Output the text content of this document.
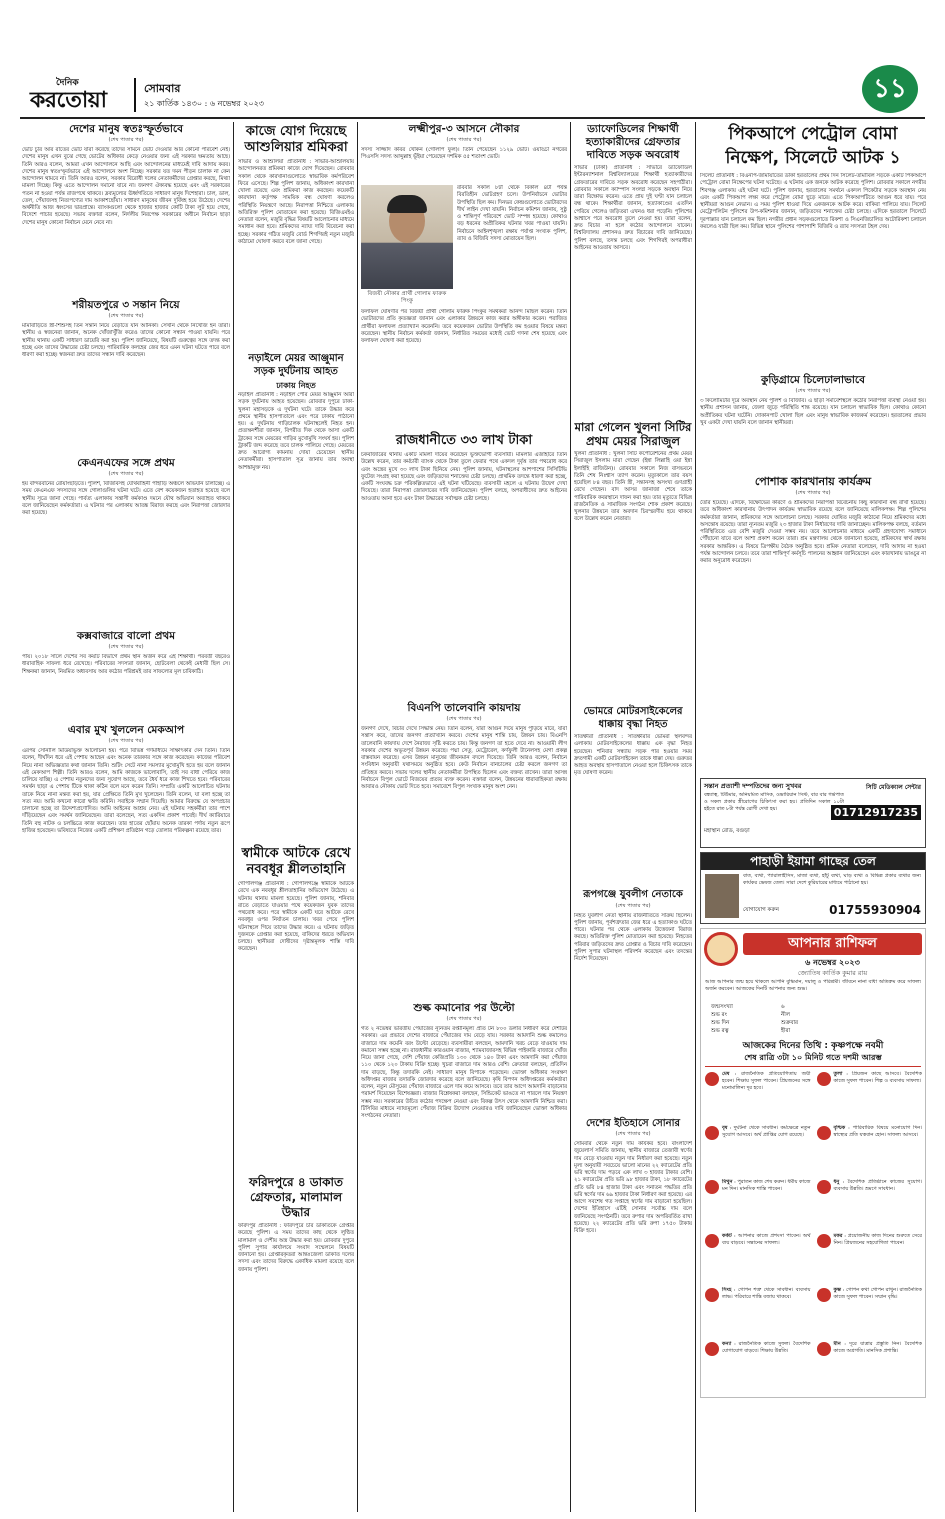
দৈনিক
করতোয়া	সোমবার
২১ কার্তিক ১৪৩০ : ৬ নভেম্বর ২০২৩	১১
দেশের মানুষ স্বতঃস্ফূর্তভাবে
(শেষ পাতার পর)
ভোট চুরি আর রাতের ভোট যারা করেছে তাদের সামনে ভোট দেওয়ার আর কোনো পরিবেশ নেই। দেশের মানুষ এখন বুঝে গেছে ভোটের অধিকার কেড়ে নেওয়ার জন্য এই সরকার ক্ষমতায় আছে। তিনি আরও বলেন, আমরা এখন আন্দোলনে আছি এবং আন্দোলনের মাধ্যমেই দাবি আদায় করব। দেশের মানুষ স্বতঃস্ফূর্তভাবে এই আন্দোলনে অংশ নিচ্ছে। সরকার যত দমন পীড়ন চালাক না কেন আন্দোলন থামবে না। তিনি আরও বলেন, সরকার বিরোধী দলের নেতাকর্মীদের গ্রেপ্তার করছে, মিথ্যা মামলা দিচ্ছে। কিন্তু এতে আন্দোলন দমানো যাবে না। জনগণ ঐক্যবদ্ধ হয়েছে এবং এই সরকারের পতন না হওয়া পর্যন্ত রাজপথে থাকবে। দ্রব্যমূল্যের ঊর্ধ্বগতিতে সাধারণ মানুষ দিশেহারা। চাল, ডাল, তেল, পেঁয়াজসহ নিত্যপণ্যের দাম আকাশছোঁয়া। সাধারণ মানুষের জীবন দুর্বিষহ হয়ে উঠেছে। দেশের অর্থনীতি আজ ধ্বংসের দ্বারপ্রান্তে। ব্যাংকগুলো থেকে হাজার হাজার কোটি টাকা লুট হয়ে গেছে, বিদেশে পাচার হয়েছে। সভায় বক্তারা বলেন, নির্দলীয় নিরপেক্ষ সরকারের অধীনে নির্বাচন ছাড়া দেশের মানুষ কোনো নির্বাচন মেনে নেবে না।
শরীয়তপুরে ৩ সন্তান নিয়ে
(শেষ পাতার পর)
মামাবাড়িতে স্ত্রী-শিশুসহ তিন সন্তান নিয়ে বেড়াতে যান আনিকা। সেখান থেকে নিখোঁজ হন তারা। স্থানীয় ও স্বজনেরা জানান, অনেক খোঁজাখুঁজি করেও তাদের কোনো সন্ধান পাওয়া যায়নি। পরে স্থানীয় থানায় একটি সাধারণ ডায়েরি করা হয়। পুলিশ জানিয়েছে, বিষয়টি গুরুত্বের সঙ্গে তদন্ত করা হচ্ছে এবং তাদের উদ্ধারের চেষ্টা চলছে। পারিবারিক কলহের জের ধরে এমন ঘটনা ঘটতে পারে বলে ধারণা করা হচ্ছে। স্বজনরা দ্রুত তাদের সন্ধান দাবি করেছেন।
কেএনএফের সঙ্গে প্রথম
(শেষ পাতার পর)
হয় বান্দরবানের রোয়াংছড়িতে। পুলিশ, বিজিবিসহ যৌথবাহিনী পাহাড়ি অঞ্চলে অভিযান চালাচ্ছে। এ সময় কেএনএফ সদস্যদের সঙ্গে গোলাগুলির ঘটনা ঘটে। এতে বেশ কয়েকজন হতাহত হয়েছে বলে স্থানীয় সূত্রে জানা গেছে। পার্বত্য এলাকায় সন্ত্রাসী কর্মকাণ্ড দমনে যৌথ অভিযান অব্যাহত থাকবে বলে জানিয়েছেন কর্মকর্তারা। এ ঘটনার পর এলাকায় আতঙ্ক বিরাজ করছে এবং নিরাপত্তা জোরদার করা হয়েছে।
কক্সবাজারে বালো প্রথম
(শেষ পাতার পর)
পায়। ২০১৮ সালে দেশের সব কয়টি বিভাগে প্রথম স্থান অর্জন করে এই শিক্ষার্থী। পরবর্তী বছরেও ধারাবাহিক সাফল্য ধরে রেখেছে। পরিবারের সদস্যরা জানান, ছোটবেলা থেকেই মেধাবী ছিল সে। শিক্ষকরা জানান, নিয়মিত অধ্যবসায় আর কঠোর পরিশ্রমই তার সাফল্যের মূল চাবিকাঠি।
এবার মুখ খুললেন মেকআপ
(শেষ পাতার পর)
এরপর সোনালি মিডিয়াভুক্ত আলোচনা হয়। পরে বিভিন্ন গণমাধ্যমে সাক্ষাৎকার দেন তিনি। তিনি বলেন, দীর্ঘদিন ধরে এই পেশায় আছেন এবং অনেক তারকার সঙ্গে কাজ করেছেন। কাজের পরিবেশ নিয়ে নানা অভিজ্ঞতার কথা জানান তিনি। শুটিং সেটে নানা সমস্যার মুখোমুখি হতে হয় বলে জানান এই মেকআপ শিল্পী। তিনি আরও বলেন, আমি কাজকে ভালোবাসি, তাই সব বাধা পেরিয়ে কাজ চালিয়ে যাচ্ছি। এ পেশায় নতুনদের জন্য সুযোগ আছে, তবে ধৈর্য ধরে কাজ শিখতে হবে। পরিবারের সমর্থন ছাড়া এ পেশায় টিকে থাকা কঠিন বলে মনে করেন তিনি। সম্প্রতি একটি আলোচিত ঘটনায় তাকে নিয়ে নানা মন্তব্য করা হয়, যার প্রেক্ষিতে তিনি মুখ খুলেছেন। তিনি বলেন, যা বলা হচ্ছে তা সত্য নয়। আমি কখনো কারো ক্ষতি করিনি। সবাইকে সম্মান দিয়েছি। আমার বিরুদ্ধে যে অপপ্রচার চালানো হচ্ছে তা উদ্দেশ্যপ্রণোদিত। আমি আইনের আশ্রয় নেব। এই ঘটনায় সহকর্মীরা তার পাশে দাঁড়িয়েছেন এবং সমর্থন জানিয়েছেন। তারা বলেছেন, সত্য একদিন প্রকাশ পাবেই। দীর্ঘ ক্যারিয়ারে তিনি বহু নাটক ও চলচ্চিত্রে কাজ করেছেন। তার হাতের ছোঁয়ায় অনেক তারকা পর্দায় নতুন রূপে হাজির হয়েছেন। ভবিষ্যতে নিজের একটি প্রশিক্ষণ প্রতিষ্ঠান গড়ে তোলার পরিকল্পনা রয়েছে তার।
কাজে যোগ দিয়েছে আশুলিয়ার শ্রমিকরা
সাভার ও আশুলিয়া প্রতিনিধি : সাভার-আশুলিয়ায় আন্দোলনরত শ্রমিকরা কাজে যোগ দিয়েছেন। রোববার সকাল থেকে কারখানাগুলোতে স্বাভাবিক কর্মপরিবেশ ফিরে এসেছে। শিল্প পুলিশ জানায়, অধিকাংশ কারখানা খোলা রয়েছে এবং শ্রমিকরা কাজ করছেন। কয়েকটি কারখানা কর্তৃপক্ষ সাময়িক বন্ধ ঘোষণা করলেও পরিস্থিতি নিয়ন্ত্রণে আছে। নিরাপত্তা নিশ্চিতে এলাকায় অতিরিক্ত পুলিশ মোতায়েন করা হয়েছে। বিজিএমইএ নেতারা বলেন, মজুরি বৃদ্ধির বিষয়টি আলোচনার মাধ্যমে সমাধান করা হবে। শ্রমিকদের ন্যায্য দাবি বিবেচনা করা হচ্ছে। সরকার গঠিত মজুরি বোর্ড শিগগিরই নতুন মজুরি কাঠামো ঘোষণা করবে বলে জানা গেছে।
নড়াইলে মেয়র আঞ্জুমান সড়ক দুর্ঘটনায় আহত
ঢাকায় নিহত
নড়াইল প্রতিনিধি : নড়াইল পৌর মেয়র আঞ্জুমান আরা সড়ক দুর্ঘটনায় আহত হয়েছেন। রোববার দুপুরে ঢাকা-খুলনা মহাসড়কে এ দুর্ঘটনা ঘটে। তাকে উদ্ধার করে প্রথমে স্থানীয় হাসপাতালে এবং পরে ঢাকায় পাঠানো হয়। এ দুর্ঘটনায় গাড়িচালক ঘটনাস্থলেই নিহত হন। প্রত্যক্ষদর্শীরা জানান, বিপরীত দিক থেকে আসা একটি ট্রাকের সঙ্গে মেয়রের গাড়ির মুখোমুখি সংঘর্ষ হয়। পুলিশ ট্রাকটি জব্দ করেছে তবে চালক পালিয়ে গেছে। মেয়রের দ্রুত আরোগ্য কামনায় দোয়া চেয়েছেন স্থানীয় নেতাকর্মীরা। হাসপাতাল সূত্র জানায় তার অবস্থা আশঙ্কামুক্ত নয়।
স্বামীকে আটকে রেখে নববধূর শ্লীলতাহানি
গোপালগঞ্জ প্রতিনিধি : গোপালগঞ্জে স্বামীকে আটকে রেখে এক নববধূর শ্লীলতাহানির অভিযোগ উঠেছে। এ ঘটনায় থানায় মামলা হয়েছে। পুলিশ জানায়, শনিবার রাতে বেড়াতে যাওয়ার পথে কয়েকজন যুবক তাদের পথরোধ করে। পরে স্বামীকে একটি ঘরে আটকে রেখে নববধূর ওপর নির্যাতন চালায়। খবর পেয়ে পুলিশ ঘটনাস্থলে গিয়ে তাদের উদ্ধার করে। এ ঘটনায় জড়িত দুজনকে গ্রেপ্তার করা হয়েছে, বাকিদের ধরতে অভিযান চলছে। স্থানীয়রা দোষীদের দৃষ্টান্তমূলক শাস্তি দাবি করেছেন।
ফরিদপুরে ৪ ডাকাত গ্রেফতার, মালামাল উদ্ধার
ফরিদপুর প্রতিনিধি : ফরিদপুরে চার ডাকাতকে গ্রেপ্তার করেছে পুলিশ। এ সময় তাদের কাছ থেকে লুণ্ঠিত মালামাল ও দেশীয় অস্ত্র উদ্ধার করা হয়। রোববার দুপুরে পুলিশ সুপার কার্যালয়ে সংবাদ সম্মেলনে বিষয়টি জানানো হয়। গ্রেপ্তারকৃতরা আন্তঃজেলা ডাকাত দলের সদস্য এবং তাদের বিরুদ্ধে একাধিক মামলা রয়েছে বলে জানায় পুলিশ।
লক্ষ্মীপুর-৩ আসনে নৌকার
(শেষ পাতার পর)
সদস্য সাজ্জাদ কবির খোকন (গোলাপ ফুল)। তিনি পেয়েছেন ১১২৯ ভোট। ওয়াড্ডা নগরের পিএসসি সদস্য আব্দুল্লাহ ভূঁইয়া পেয়েছেন দশমিক ৫৫ শতাংশ ভোট।
বিজয়ী নৌকার প্রার্থী গোলাম ফারুক পিংকু
রবিবার সকাল ৮টা থেকে বিকাল ৪টা পর্যন্ত বিরতিহীন ভোটগ্রহণ চলে। উপনির্বাচনে ভোটার উপস্থিতি ছিল কম। দিনভর কেন্দ্রগুলোতে ভোটারদের দীর্ঘ লাইন দেখা যায়নি। নির্বাচন কমিশন জানায়, সুষ্ঠু ও শান্তিপূর্ণ পরিবেশে ভোট সম্পন্ন হয়েছে। কোথাও বড় ধরনের অপ্রীতিকর ঘটনার খবর পাওয়া যায়নি। নির্বাচনে আইনশৃঙ্খলা রক্ষায় পর্যাপ্ত সংখ্যক পুলিশ, র‍্যাব ও বিজিবি সদস্য মোতায়েন ছিল।
ফলাফল ঘোষণার পর বিজয়ী প্রার্থী গোলাম ফারুক পিংকুর সমর্থকরা আনন্দ মিছিল করেন। তিনি ভোটারদের প্রতি কৃতজ্ঞতা জানান এবং এলাকার উন্নয়নে কাজ করার অঙ্গীকার করেন। পরাজিত প্রার্থীরা ফলাফল প্রত্যাখ্যান করেননি। তবে কয়েকজন ভোটার উপস্থিতি কম হওয়ার বিষয়ে মন্তব্য করেছেন। স্থানীয় নির্বাচন কর্মকর্তা জানান, নির্ধারিত সময়ের মধ্যেই ভোট গণনা শেষ হয়েছে এবং ফলাফল ঘোষণা করা হয়েছে।
রাজধানীতে ৩৩ লাখ টাকা
চকবাজারের থানায় একটি মামলা দায়ের করেছেন ভুক্তভোগী ব্যবসায়ী। মামলার এজাহারে তিনি উল্লেখ করেন, তার কর্মচারী ব্যাংক থেকে টাকা তুলে ফেরার পথে একদল দুর্বৃত্ত তার পথরোধ করে এবং অস্ত্রের মুখে ৩৩ লাখ টাকা ছিনিয়ে নেয়। পুলিশ জানায়, ঘটনাস্থলের আশপাশের সিসিটিভি ফুটেজ সংগ্রহ করা হয়েছে এবং জড়িতদের শনাক্তের চেষ্টা চলছে। প্রাথমিক তদন্তে ধারণা করা হচ্ছে, একটি সংঘবদ্ধ চক্র পরিকল্পিতভাবে এই ঘটনা ঘটিয়েছে। ব্যবসায়ী মহলে এ ঘটনায় উদ্বেগ দেখা দিয়েছে। তারা নিরাপত্তা জোরদারের দাবি জানিয়েছেন। পুলিশ বলছে, অপরাধীদের দ্রুত আইনের আওতায় আনা হবে এবং টাকা উদ্ধারের সর্বাত্মক চেষ্টা চলছে।
বিএনপি তালেবানি কায়দায়
(শেষ পাতার পর)
জনগণ দেখে, বিচার দেখে সিদ্ধান্ত নেয়। তিনি বলেন, যারা আগুন দিয়ে মানুষ পুড়িয়ে মারে, যারা সন্ত্রাস করে, তাদের জনগণ প্রত্যাখ্যান করবে। দেশের মানুষ শান্তি চায়, উন্নয়ন চায়। বিএনপি তালেবানি কায়দায় দেশে নৈরাজ্য সৃষ্টি করতে চায়। কিন্তু জনগণ তা হতে দেবে না। আওয়ামী লীগ সরকার দেশের অভূতপূর্ব উন্নয়ন করেছে। পদ্মা সেতু, মেট্রোরেল, কর্ণফুলী টানেলসহ মেগা প্রকল্প বাস্তবায়ন করেছে। এসব উন্নয়ন মানুষের জীবনমান বদলে দিয়েছে। তিনি আরও বলেন, নির্বাচন সংবিধান অনুযায়ী যথাসময়ে অনুষ্ঠিত হবে। কেউ নির্বাচন বানচালের চেষ্টা করলে জনগণ তা প্রতিহত করবে। সভায় দলের স্থানীয় নেতাকর্মীরা উপস্থিত ছিলেন এবং বক্তব্য রাখেন। তারা আসন্ন নির্বাচনে বিপুল ভোটে বিজয়ের প্রত্যয় ব্যক্ত করেন। বক্তারা বলেন, উন্নয়নের ধারাবাহিকতা রক্ষায় আবারও নৌকায় ভোট দিতে হবে। সমাবেশে বিপুল সংখ্যক মানুষ অংশ নেন।
শুল্ক কমানোর পর উল্টো
(শেষ পাতার পর)
গত ২ নভেম্বর ভারতীয় পেঁয়াজের ন্যূনতম রপ্তানিমূল্য প্রতি টন ৮০০ ডলার নির্ধারণ করে দেশটির সরকার। এর প্রভাবে দেশের বাজারে পেঁয়াজের দাম বেড়ে যায়। সরকার আমদানি শুল্ক কমালেও বাজারে দাম কমেনি বরং উল্টো বেড়েছে। ব্যবসায়ীরা বলছেন, আমদানি খরচ বেড়ে যাওয়ায় দাম কমানো সম্ভব হচ্ছে না। রাজধানীর কারওয়ান বাজার, শ্যামবাজারসহ বিভিন্ন পাইকারি বাজারে খোঁজ নিয়ে জানা গেছে, দেশি পেঁয়াজ কেজিপ্রতি ১৩০ থেকে ১৪০ টাকা এবং আমদানি করা পেঁয়াজ ১১০ থেকে ১২০ টাকায় বিক্রি হচ্ছে। খুচরা বাজারে দাম আরও বেশি। ক্রেতারা বলছেন, প্রতিদিন দাম বাড়ছে, কিন্তু তদারকি নেই। সাধারণ মানুষ বিপাকে পড়েছেন। ভোক্তা অধিকার সংরক্ষণ অধিদপ্তর বাজার তদারকি জোরদার করেছে বলে জানিয়েছে। কৃষি বিপণন অধিদপ্তরের কর্মকর্তারা বলেন, নতুন মৌসুমের পেঁয়াজ বাজারে এলে দাম কমে আসবে। তবে তার আগে আমদানি বাড়ানোর পরামর্শ দিয়েছেন বিশেষজ্ঞরা। বাজার বিশ্লেষকরা বলছেন, সিন্ডিকেট ভাঙতে না পারলে দাম নিয়ন্ত্রণ সম্ভব নয়। সরকারের উচিত কঠোর পদক্ষেপ নেওয়া এবং বিকল্প উৎস থেকে আমদানি নিশ্চিত করা। টিসিবির মাধ্যমে ন্যায্যমূল্যে পেঁয়াজ বিক্রির উদ্যোগ নেওয়ারও দাবি জানিয়েছেন ভোক্তা অধিকার সংগঠনের নেতারা।
ড্যাফোডিলের শিক্ষার্থী হত্যাকারীদের গ্রেফতার দাবিতে সড়ক অবরোধ
সাভার (ঢাকা) প্রতিনিধি : সাভারে ড্যাফোডিল ইন্টারন্যাশনাল বিশ্ববিদ্যালয়ের শিক্ষার্থী হত্যাকারীদের গ্রেফতারের দাবিতে সড়ক অবরোধ করেছেন সহপাঠীরা। রোববার সকালে ক্যাম্পাস সংলগ্ন সড়কে অবস্থান নিয়ে তারা বিক্ষোভ করেন। এতে প্রায় দুই ঘণ্টা যান চলাচল বন্ধ থাকে। শিক্ষার্থীরা জানান, হত্যাকাণ্ডের এতদিন পেরিয়ে গেলেও জড়িতরা এখনও ধরা পড়েনি। পুলিশের আশ্বাসে পরে অবরোধ তুলে নেওয়া হয়। তারা বলেন, দ্রুত বিচার না হলে কঠোর আন্দোলনে যাবেন। বিশ্ববিদ্যালয় প্রশাসনও দ্রুত বিচারের দাবি জানিয়েছে। পুলিশ বলছে, তদন্ত চলছে এবং শিগগিরই অপরাধীরা আইনের আওতায় আসবে।
মারা গেলেন খুলনা সিটির প্রথম মেয়র সিরাজুল
খুলনা প্রতিনিধি : খুলনা সিটি কর্পোরেশনের প্রথম মেয়র সিরাজুল ইসলাম মারা গেছেন (ইন্না লিল্লাহি ওয়া ইন্না ইলাইহি রাজিউন)। রোববার সকালে নিজ বাসভবনে তিনি শেষ নিঃশ্বাস ত্যাগ করেন। মৃত্যুকালে তার বয়স হয়েছিল ৮৪ বছর। তিনি স্ত্রী, সন্তানসহ অসংখ্য গুণগ্রাহী রেখে গেছেন। বাদ আসর জানাজা শেষে তাকে পারিবারিক কবরস্থানে দাফন করা হয়। তার মৃত্যুতে বিভিন্ন রাজনৈতিক ও সামাজিক সংগঠন শোক প্রকাশ করেছে। খুলনার উন্নয়নে তার অবদান চিরস্মরণীয় হয়ে থাকবে বলে উল্লেখ করেন নেতারা।
ভোমরে মোটরসাইকেলের ধাক্কায় বৃদ্ধা নিহত
সাতক্ষীরা প্রতিনিধি : সাতক্ষীরার ভোমরা স্থলবন্দর এলাকায় মোটরসাইকেলের ধাক্কায় এক বৃদ্ধা নিহত হয়েছেন। শনিবার সন্ধ্যায় সড়ক পার হওয়ার সময় দ্রুতগামী একটি মোটরসাইকেল তাকে ধাক্কা দেয়। গুরুতর আহত অবস্থায় হাসপাতালে নেওয়া হলে চিকিৎসক তাকে মৃত ঘোষণা করেন।
রূপগঞ্জে যুবলীগ নেতাকে
(শেষ পাতার পর)
নিহত যুবলীগ নেতা স্থানীয় রাজনীতিতে সক্রিয় ছিলেন। পুলিশ জানায়, পূর্বশত্রুতার জের ধরে এ হত্যাকাণ্ড ঘটতে পারে। ঘটনার পর থেকে এলাকায় উত্তেজনা বিরাজ করছে। অতিরিক্ত পুলিশ মোতায়েন করা হয়েছে। নিহতের পরিবার জড়িতদের দ্রুত গ্রেপ্তার ও বিচার দাবি করেছেন। পুলিশ সুপার ঘটনাস্থল পরিদর্শন করেছেন এবং তদন্তের নির্দেশ দিয়েছেন।
দেশের ইতিহাসে সোনার
(শেষ পাতার পর)
সোমবার থেকে নতুন দাম কার্যকর হবে। বাংলাদেশ জুয়েলার্স সমিতি জানায়, স্থানীয় বাজারে তেজাবী স্বর্ণের দাম বেড়ে যাওয়ায় নতুন দাম নির্ধারণ করা হয়েছে। নতুন মূল্য অনুযায়ী সবচেয়ে ভালো মানের ২২ ক্যারেটের প্রতি ভরি স্বর্ণের দাম পড়বে এক লাখ ৩ হাজার টাকার বেশি। ২১ ক্যারেটের প্রতি ভরি ৯৮ হাজার টাকা, ১৮ ক্যারেটের প্রতি ভরি ৮৪ হাজার টাকা এবং সনাতন পদ্ধতির প্রতি ভরি স্বর্ণের দাম ৬৯ হাজার টাকা নির্ধারণ করা হয়েছে। এর আগে সবশেষ গত সপ্তাহে স্বর্ণের দাম বাড়ানো হয়েছিল। দেশের ইতিহাসে এটিই সোনার সর্বোচ্চ দাম বলে জানিয়েছে সংগঠনটি। তবে রুপার দাম অপরিবর্তিত রাখা হয়েছে। ২২ ক্যারেটের প্রতি ভরি রুপা ১৭৫০ টাকায় বিক্রি হবে।
পিকআপে পেট্রোল বোমা নিক্ষেপ, সিলেটে আটক ১
সিলেট প্রতিনিধি : বিএনপি-জামায়াতের ডাকা হরতালের প্রথম দিন সিলেট-তামাবিল সড়কে একটি পিকআপে পেট্রোল বোমা নিক্ষেপের ঘটনা ঘটেছে। এ ঘটনায় এক জনকে আটক করেছে পুলিশ। রোববার সকালে নগরীর শিবগঞ্জ এলাকায় এই ঘটনা ঘটে। পুলিশ জানায়, হরতালের সমর্থনে একদল পিকেটার সড়কে অবস্থান নেয় এবং একটি পিকআপ লক্ষ্য করে পেট্রোল বোমা ছুড়ে মারে। এতে পিকআপটিতে আগুন ধরে যায়। পরে স্থানীয়রা আগুন নেভান। এ সময় পুলিশ ধাওয়া দিয়ে একজনকে আটক করে। বাকিরা পালিয়ে যায়। সিলেট মেট্রোপলিটন পুলিশের উপ-কমিশনার জানান, জড়িতদের শনাক্তের চেষ্টা চলছে। এদিকে হরতালে সিলেটে দূরপাল্লার যান চলাচল কম ছিল। নগরীর প্রধান সড়কগুলোতে রিকশা ও সিএনজিচালিত অটোরিকশা চলাচল করলেও যাত্রী ছিল কম। বিভিন্ন স্থানে পুলিশের পাশাপাশি বিজিবি ও র‍্যাব সদস্যরা টহল দেয়।
কুড়িগ্রামে চিলেঢালাভাবে
(শেষ পাতার পর)
৩ কিলোমিটার দূরে অবস্থান নেয় পুলিশ ও বিজিবি। এ ছাড়া সমাবেশস্থলে কঠোর নিরাপত্তা ব্যবস্থা নেওয়া হয়। স্থানীয় প্রশাসন জানায়, জেলা জুড়ে পরিস্থিতি শান্ত রয়েছে। যান চলাচল স্বাভাবিক ছিল। কোথাও কোনো অপ্রীতিকর ঘটনা ঘটেনি। দোকানপাট খোলা ছিল এবং মানুষ স্বাভাবিক কাজকর্ম করেছেন। হরতালের প্রভাব খুব একটা দেখা যায়নি বলে জানান স্থানীয়রা।
পোশাক কারখানায় কার্যক্রম
(শেষ পাতার পর)
তৈরি হয়েছে। এদিকে, বিক্ষোভের কারণে ও শ্রমিকদের নিরাপত্তা বিবেচনায় কিছু কারখানা বন্ধ রাখা হয়েছে। তবে অধিকাংশ কারখানায় উৎপাদন কার্যক্রম স্বাভাবিক রয়েছে বলে জানিয়েছে মালিকপক্ষ। শিল্প পুলিশের কর্মকর্তারা জানান, শ্রমিকদের সঙ্গে আলোচনা চলছে। সরকার ঘোষিত মজুরি কাঠামো নিয়ে শ্রমিকদের মধ্যে অসন্তোষ রয়েছে। তারা ন্যূনতম মজুরি ২৩ হাজার টাকা নির্ধারণের দাবি জানাচ্ছেন। মালিকপক্ষ বলছে, বর্তমান পরিস্থিতিতে এত বেশি মজুরি দেওয়া সম্ভব নয়। তবে আলোচনার মাধ্যমে একটি গ্রহণযোগ্য সমাধানে পৌঁছানো যাবে বলে আশা প্রকাশ করেন তারা। শ্রম মন্ত্রণালয় থেকে জানানো হয়েছে, শ্রমিকদের স্বার্থ রক্ষায় সরকার আন্তরিক। এ বিষয়ে ত্রিপক্ষীয় বৈঠক অনুষ্ঠিত হবে। শ্রমিক নেতারা বলেছেন, দাবি আদায় না হওয়া পর্যন্ত আন্দোলন চলবে। তবে তারা শান্তিপূর্ণ কর্মসূচি পালনের আহ্বান জানিয়েছেন এবং কারখানায় ভাঙচুর না করার অনুরোধ করেছেন।
সন্তান প্রত্যাশী দম্পতিদের জন্য সুখবর
বন্ধ্যাত্ব, টিউমার, অনিয়মিত মাসিক, ওভারিয়ান সিস্ট, বার বার গর্ভপাত ও সকল প্রকার স্ত্রীরোগের চিকিৎসা করা হয়। প্রতিদিন সকাল ১০টা হইতে রাত ৮টা পর্যন্ত রোগী দেখা হয়।
মহাস্থান রোড, বগুড়া
সিটি মেডিক্যাল সেন্টার
01712917235
পাহাড়ী ইয়ামা গাছের তেল
বাত, ব্যথা, প্যারালাইসিস, মাজা ব্যথা, হাঁটু ব্যথা, ঘাড় ব্যথা ও বিভিন্ন প্রকার ব্যথার জন্য কার্যকর ভেষজ তেল। সারা দেশে কুরিয়ারের মাধ্যমে পাঠানো হয়।
যোগাযোগ করুন	01755930904
আপনার রাশিফল
৬ নভেম্বর ২০২৩
জ্যোতিষ কার্তিক কুমার রায়
আজ আপনার জন্ম হয়ে থাকলে আপনি বুদ্ধিমান, দয়ালু ও পরিশ্রমী। জীবনে নানা বাধা অতিক্রম করে সাফল্য অর্জন করবেন। আজকের দিনটি আপনার জন্য শুভ।
জন্মসংখ্যা	৬
শুভ রং	নীল
শুভ দিন	শুক্রবার
শুভ রত্ন	হীরা
আজকের দিনের তিথি : কৃষ্ণপক্ষে নবমী
শেষ রাত্রি ৩টা ১০ মিনিট গতে দশমী আরম্ভ
মেষ : রাজনৈতিক প্রতিযোগিতায় জয়ী হবেন। শিক্ষায় সুফল পাবেন। প্রিয়জনের সঙ্গে মনোমালিন্য দূর হবে।
তুলা : প্রিয়জন কাছে আসবে। বৈদেশিক কাজে সুফল পাবেন। শিল্প ও ব্যবসায় সাফল্য।
বৃষ : দুর্ঘটনা থেকে সাবধান। কর্মক্ষেত্রে নতুন সুযোগ আসবে। অর্থ প্রাপ্তির যোগ রয়েছে।
বৃশ্চিক : পারিবারিক বিষয়ে মনোযোগ দিন। স্বাস্থ্যের প্রতি যত্নবান হোন। সাফল্য আসবে।
মিথুন : পুরাতন কাজ শেষ করুন। ধর্মীয় কাজে মন দিন। মানসিক শান্তি পাবেন।
ধনু : বৈদেশিক প্রতিষ্ঠানে কাজের সুযোগ। ব্যবসায় উন্নতি। ভ্রমণে সাবধান।
কর্কট : আপনার কাজে প্রশংসা পাবেন। অর্থ ব্যয় বাড়বে। সন্তানের সাফল্য।
মকর : প্রয়োজনীয় কাজ দিনের শুরুতে সেরে নিন। প্রিয়জনের সহযোগিতা পাবেন।
সিংহ : গোপন শত্রু থেকে সাবধান। ব্যবসায় লাভ। পরিবারে শান্তি বজায় থাকবে।
কুম্ভ : গোপন কথা গোপন রাখুন। রাজনৈতিক কাজে সুফল পাবেন। সম্মান বৃদ্ধি।
কন্যা : রাজনৈতিক কাজে সুফল। বৈদেশিক যোগাযোগ বাড়বে। শিক্ষায় উন্নতি।
মীন : দূরে যাত্রার প্রস্তুতি নিন। বৈদেশিক কাজে অগ্রগতি। মানসিক প্রশান্তি।
